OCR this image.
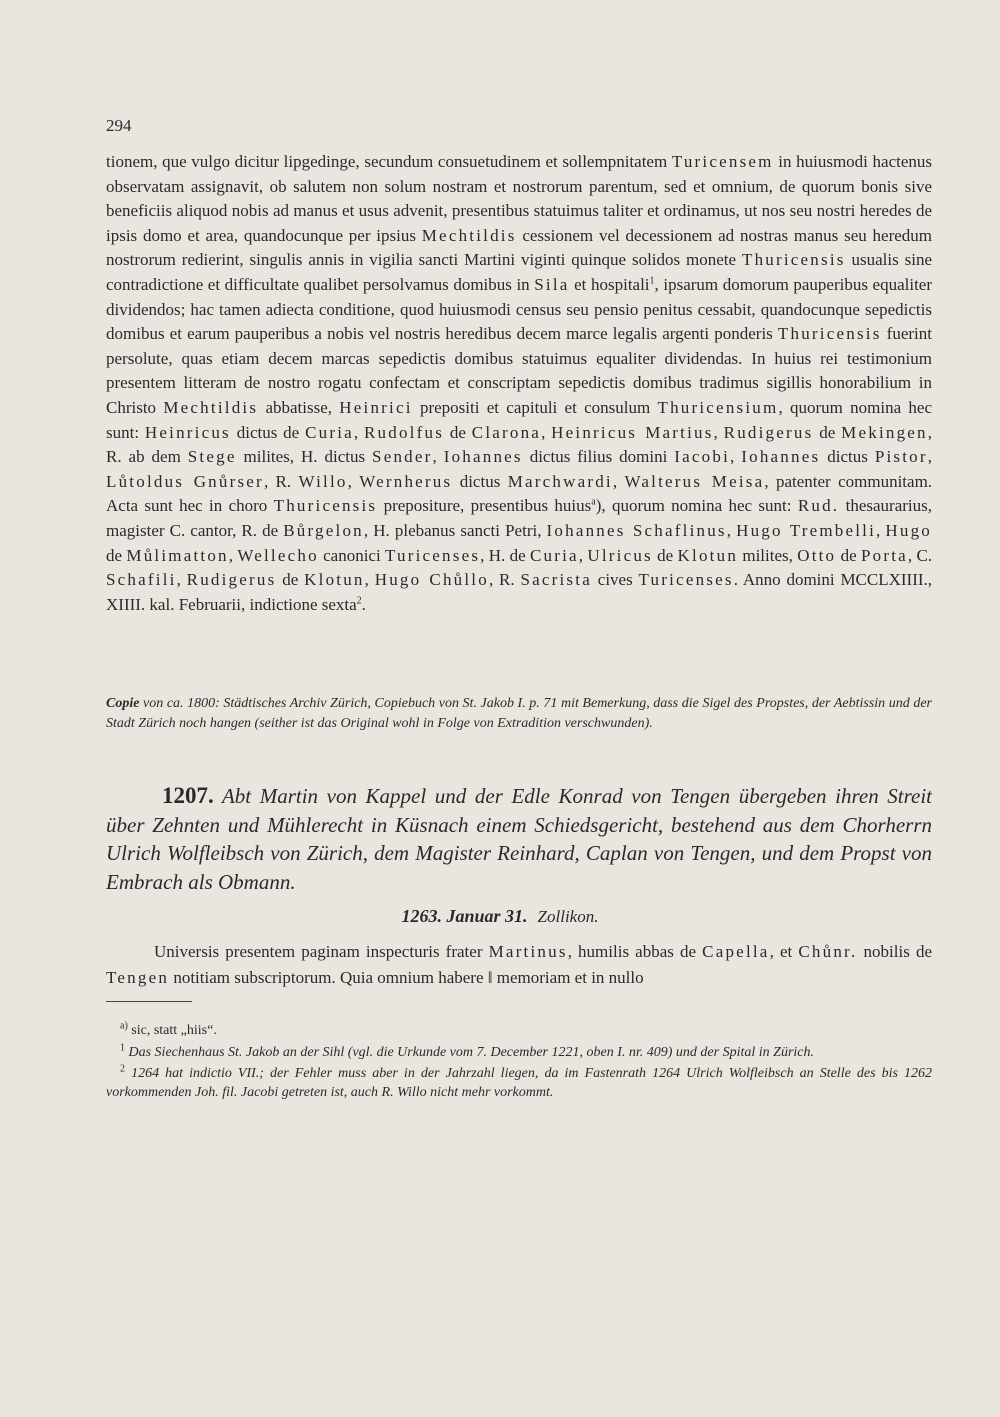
294

tionem, que vulgo dicitur lipgedinge, secundum consuetudinem et sollempnitatem Turicensem in huiusmodi hactenus observatam assignavit, ob salutem non solum nostram et nostrorum parentum, sed et omnium, de quorum bonis sive beneficiis aliquod nobis ad manus et usus advenit, presentibus statuimus taliter et ordinamus, ut nos seu nostri heredes de ipsis domo et area, quandocunque per ipsius Mechtildis cessionem vel decessionem ad nostras manus seu heredum nostrorum redierint, singulis annis in vigilia sancti Martini viginti quinque solidos monete Thuricensis usualis sine contradictione et difficultate qualibet persolvamus domibus in Sila et hospitali$^1$, ipsarum domorum pauperibus equaliter dividendos; hac tamen adiecta conditione, quod huiusmodi census seu pensio penitus cessabit, quandocunque sepedictis domibus et earum pauperibus a nobis vel nostris heredibus decem marce legalis argenti ponderis Thuricensis fuerint persolute, quas etiam decem marcas sepedictis domibus statuimus equaliter dividendas. In huius rei testimonium presentem litteram de nostro rogatu confectam et conscriptam sepedictis domibus tradimus sigillis honorabilium in Christo Mechtildis abbatisse, Heinrici prepositi et capituli et consulum Thuricensium, quorum nomina hec sunt: Heinricus dictus de Curia, Rudolfus de Clarona, Heinricus Martius, Rudigerus de Mekingen, R. ab dem Stege milites, H. dictus Sender, Iohannes dictus filius domini Iacobi, Iohannes dictus Pistor, Lůtoldus Gnůrser, R. Willo, Wernherus dictus Marchwardi, Walterus Meisa, patenter communitam. Acta sunt hec in choro Thuricensis prepositure, presentibus huius$^a$), quorum nomina hec sunt: Rud. thesaurarius, magister C. cantor, R. de Bůrgelon, H. plebanus sancti Petri, Iohannes Schaflinus, Hugo Trembelli, Hugo de Můlimatton, Wellecho canonici Turicenses, H. de Curia, Ulricus de Klotun milites, Otto de Porta, C. Schafili, Rudigerus de Klotun, Hugo Chůllo, R. Sacrista cives Turicenses. Anno domini MCCLXIIII., XIIII. kal. Februarii, indictione sexta$^2$.

Copie von ca. 1800: Städtisches Archiv Zürich, Copiebuch von St. Jakob I. p. 71 mit Bemerkung, dass die Sigel des Propstes, der Aebtissin und der Stadt Zürich noch hangen (seither ist das Original wohl in Folge von Extradition verschwunden).

1207. Abt Martin von Kappel und der Edle Konrad von Tengen übergeben ihren Streit über Zehnten und Mühlerecht in Küsnach einem Schiedsgericht, bestehend aus dem Chorherrn Ulrich Wolfleibsch von Zürich, dem Magister Reinhard, Caplan von Tengen, und dem Propst von Embrach als Obmann.

1263. Januar 31. Zollikon.

Universis presentem paginam inspecturis frater Martinus, humilis abbas de Capella, et Chůnr. nobilis de Tengen notitiam subscriptorum. Quia omnium habere ‖ memoriam et in nullo

$^{a)}$ sic, statt „hiis“.

$^1$ Das Siechenhaus St. Jakob an der Sihl (vgl. die Urkunde vom 7. December 1221, oben I. nr. 409) und der Spital in Zürich.

$^2$ 1264 hat indictio VII.; der Fehler muss aber in der Jahrzahl liegen, da im Fastenrath 1264 Ulrich Wolfleibsch an Stelle des bis 1262 vorkommenden Joh. fil. Jacobi getreten ist, auch R. Willo nicht mehr vorkommt.
